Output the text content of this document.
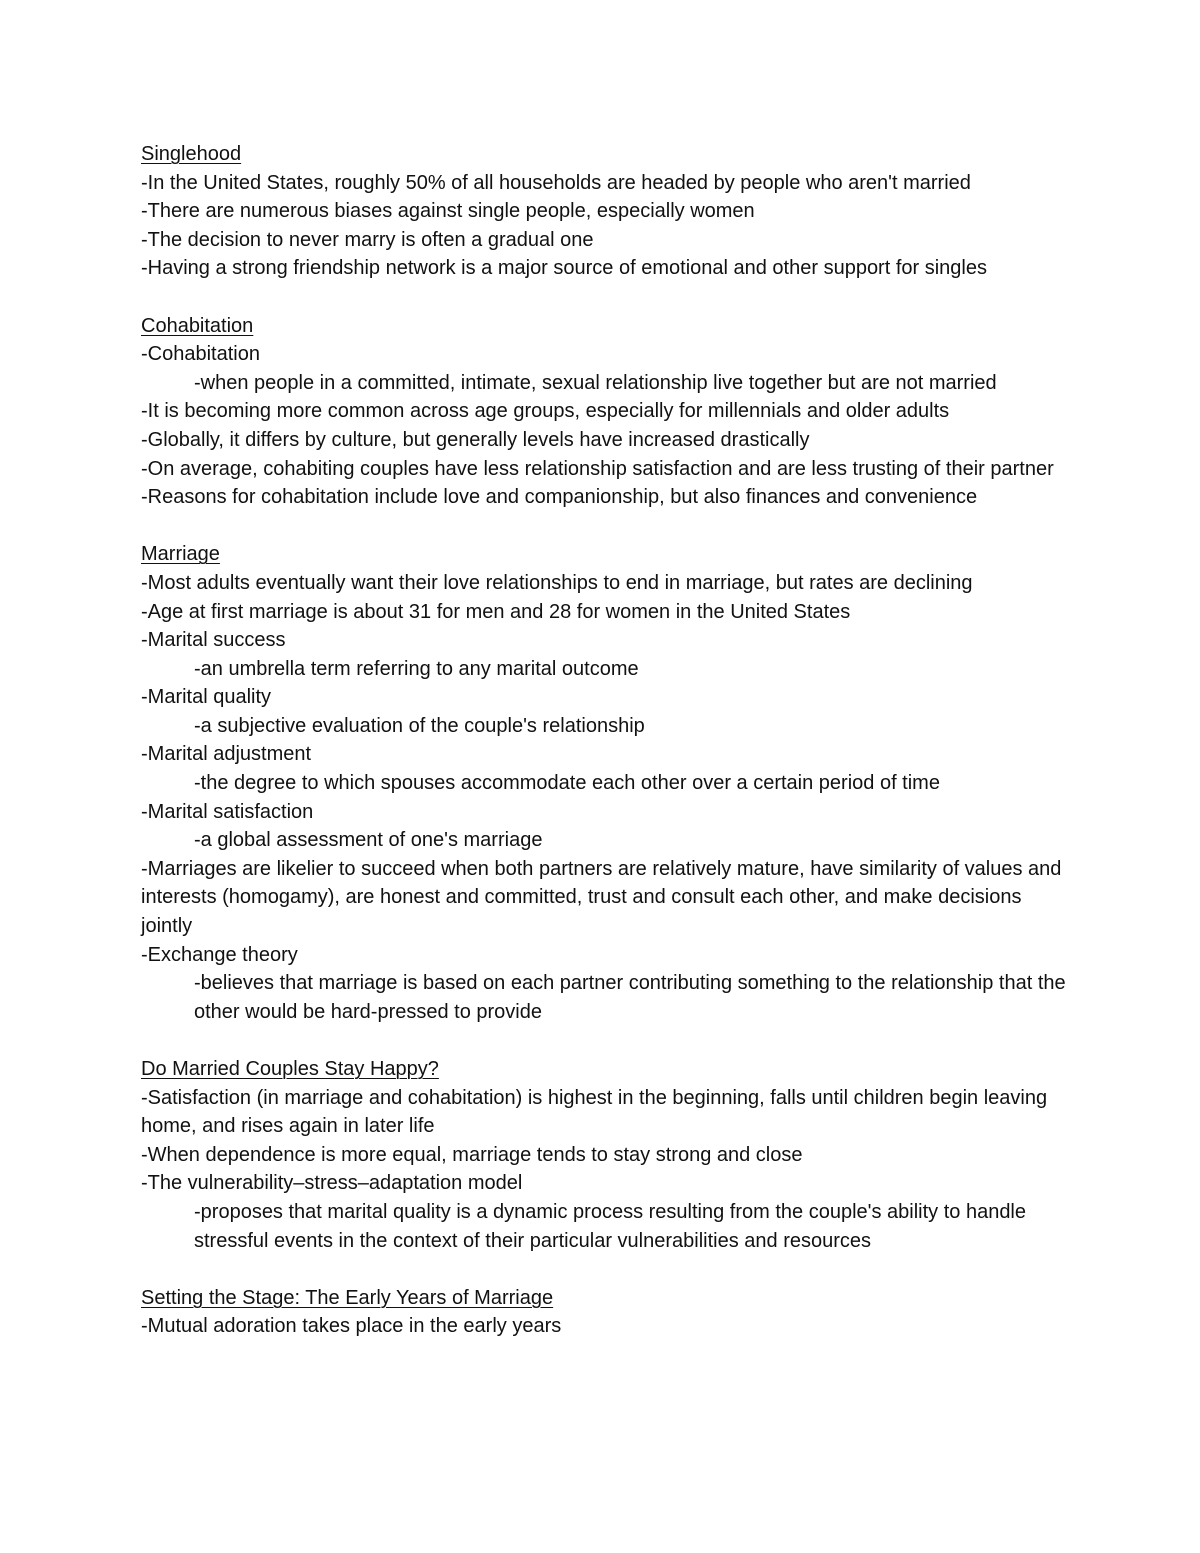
Singlehood
-In the United States, roughly 50% of all households are headed by people who aren't married
-There are numerous biases against single people, especially women
-The decision to never marry is often a gradual one
-Having a strong friendship network is a major source of emotional and other support for singles
Cohabitation
-Cohabitation
-when people in a committed, intimate, sexual relationship live together but are not married
-It is becoming more common across age groups, especially for millennials and older adults
-Globally, it differs by culture, but generally levels have increased drastically
-On average, cohabiting couples have less relationship satisfaction and are less trusting of their partner
-Reasons for cohabitation include love and companionship, but also finances and convenience
Marriage
-Most adults eventually want their love relationships to end in marriage, but rates are declining
-Age at first marriage is about 31 for men and 28 for women in the United States
-Marital success
-an umbrella term referring to any marital outcome
-Marital quality
-a subjective evaluation of the couple's relationship
-Marital adjustment
-the degree to which spouses accommodate each other over a certain period of time
-Marital satisfaction
-a global assessment of one's marriage
-Marriages are likelier to succeed when both partners are relatively mature, have similarity of values and interests (homogamy), are honest and committed, trust and consult each other, and make decisions jointly
-Exchange theory
-believes that marriage is based on each partner contributing something to the relationship that the other would be hard-pressed to provide
Do Married Couples Stay Happy?
-Satisfaction (in marriage and cohabitation) is highest in the beginning, falls until children begin leaving home, and rises again in later life
-When dependence is more equal, marriage tends to stay strong and close
-The vulnerability–stress–adaptation model
-proposes that marital quality is a dynamic process resulting from the couple's ability to handle stressful events in the context of their particular vulnerabilities and resources
Setting the Stage: The Early Years of Marriage
-Mutual adoration takes place in the early years
